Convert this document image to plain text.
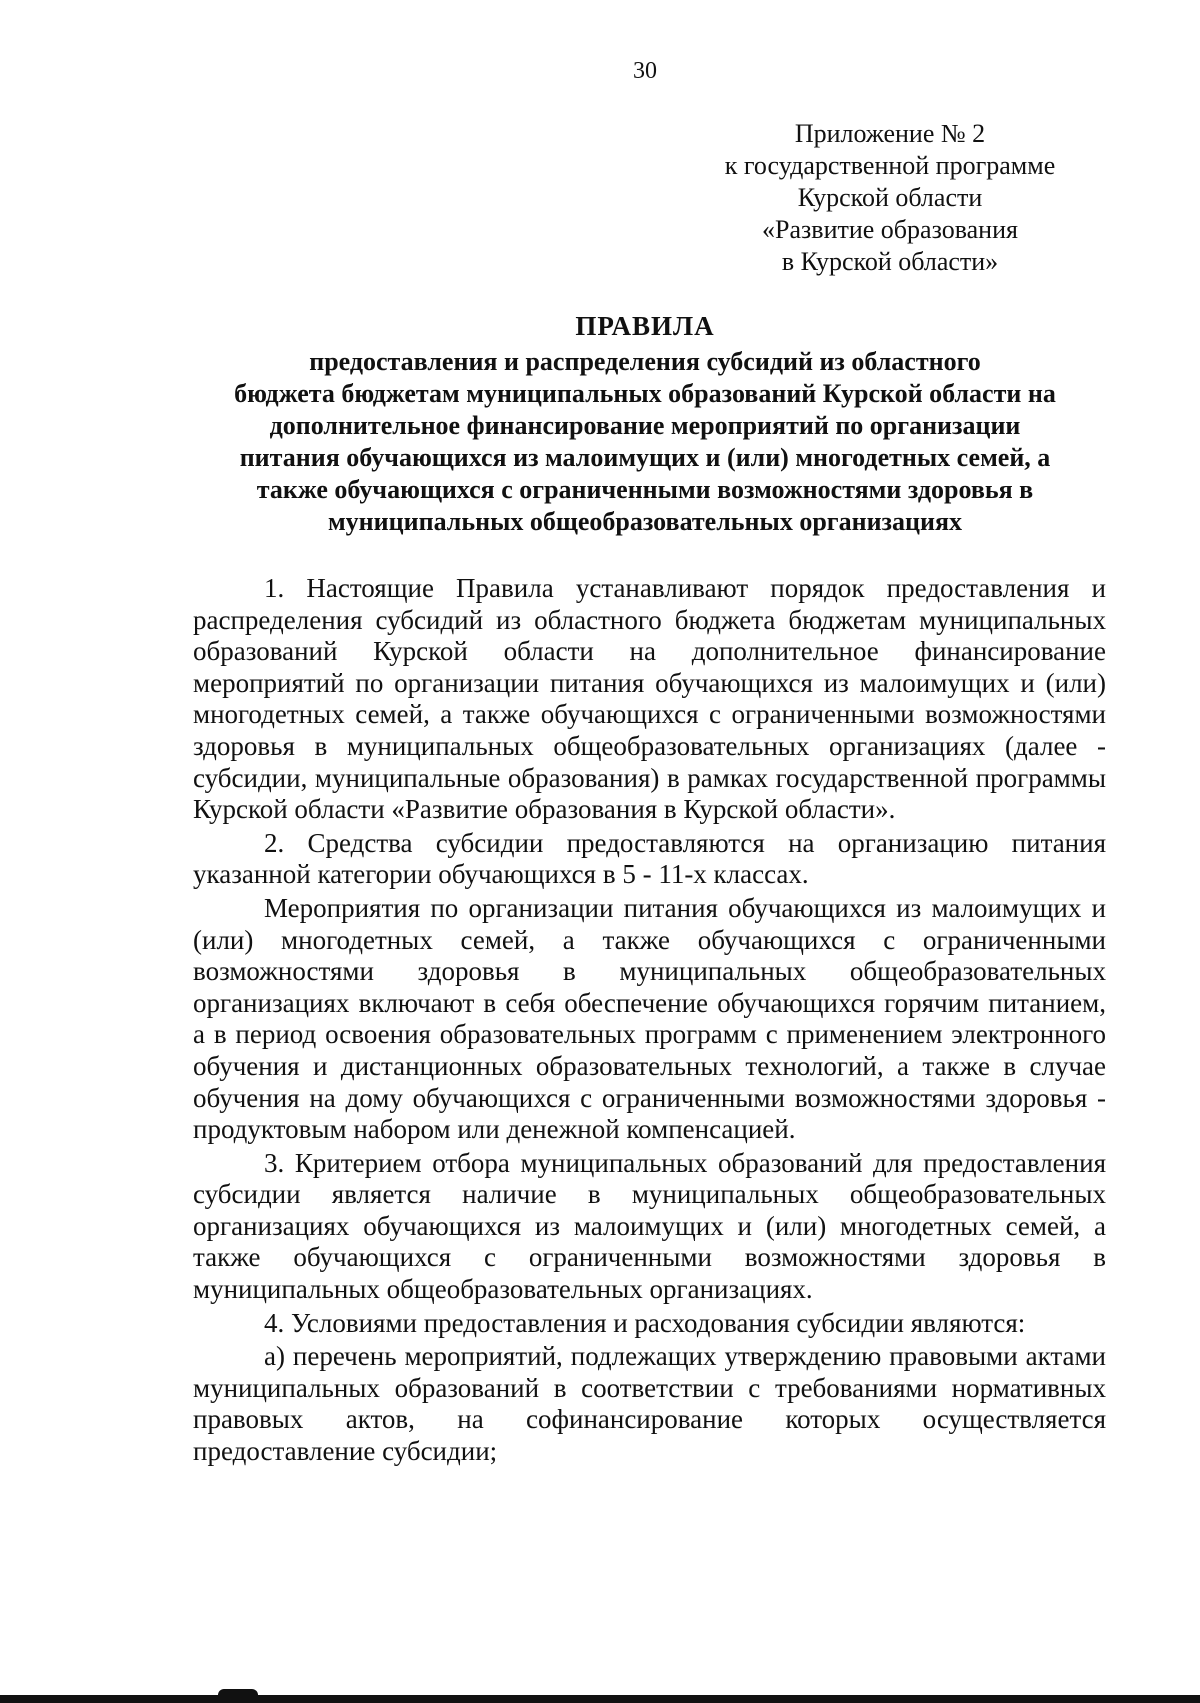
30
Приложение № 2
к государственной программе
Курской области
«Развитие образования
в Курской области»
ПРАВИЛА
предоставления и распределения субсидий из областного
бюджета бюджетам муниципальных образований Курской области на
дополнительное финансирование мероприятий по организации
питания обучающихся из малоимущих и (или) многодетных семей, а
также обучающихся с ограниченными возможностями здоровья в
муниципальных общеобразовательных организациях

1. Настоящие Правила устанавливают порядок предоставления и распределения субсидий из областного бюджета бюджетам муниципальных образований Курской области на дополнительное финансирование мероприятий по организации питания обучающихся из малоимущих и (или) многодетных семей, а также обучающихся с ограниченными возможностями здоровья в муниципальных общеобразовательных организациях (далее - субсидии, муниципальные образования) в рамках государственной программы Курской области «Развитие образования в Курской области».

2. Средства субсидии предоставляются на организацию питания указанной категории обучающихся в 5 - 11-х классах.

Мероприятия по организации питания обучающихся из малоимущих и (или) многодетных семей, а также обучающихся с ограниченными возможностями здоровья в муниципальных общеобразовательных организациях включают в себя обеспечение обучающихся горячим питанием, а в период освоения образовательных программ с применением электронного обучения и дистанционных образовательных технологий, а также в случае обучения на дому обучающихся с ограниченными возможностями здоровья - продуктовым набором или денежной компенсацией.

3. Критерием отбора муниципальных образований для предоставления субсидии является наличие в муниципальных общеобразовательных организациях обучающихся из малоимущих и (или) многодетных семей, а также обучающихся с ограниченными возможностями здоровья в муниципальных общеобразовательных организациях.

4. Условиями предоставления и расходования субсидии являются:

а) перечень мероприятий, подлежащих утверждению правовыми актами муниципальных образований в соответствии с требованиями нормативных правовых актов, на софинансирование которых осуществляется предоставление субсидии;
